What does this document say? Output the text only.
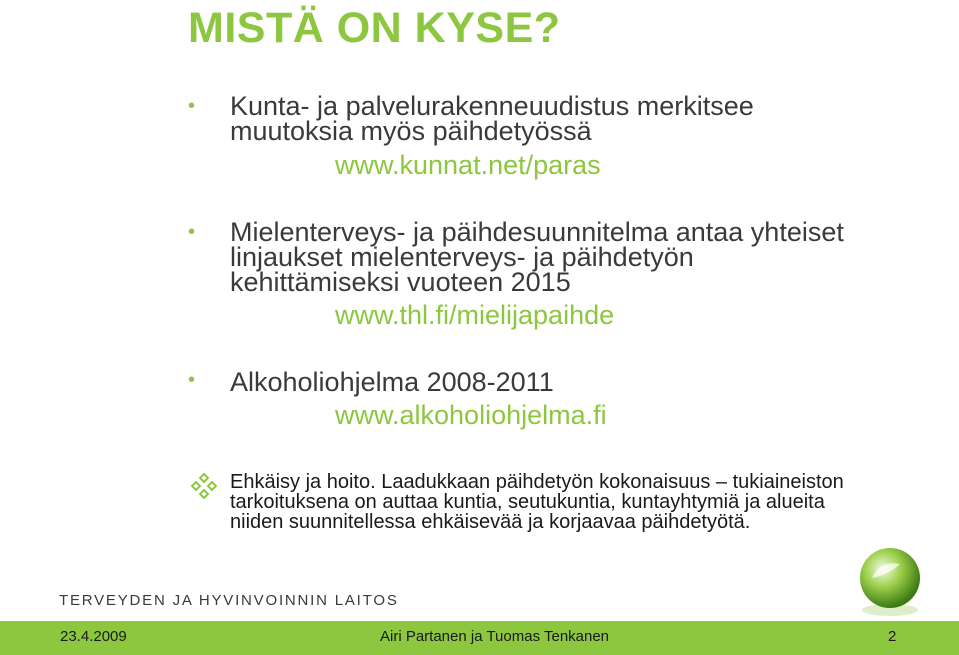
MISTÄ ON KYSE?
•	Kunta- ja palvelurakenneuudistus merkitsee muutoksia myös päihdetyössä
www.kunnat.net/paras
•	Mielenterveys- ja päihdesuunnitelma antaa yhteiset linjaukset mielenterveys- ja päihdetyön kehittämiseksi vuoteen 2015
www.thl.fi/mielijapaihde
•	Alkoholiohjelma 2008-2011
www.alkoholiohjelma.fi
Ehkäisy ja hoito. Laadukkaan päihdetyön kokonaisuus – tukiaineiston tarkoituksena on auttaa kuntia, seutukuntia, kuntayhtymiä ja alueita niiden suunnitellessa ehkäisevää ja korjaavaa päihdetyötä.
TERVEYDEN JA HYVINVOINNIN LAITOS
23.4.2009	Airi Partanen ja Tuomas Tenkanen	2
